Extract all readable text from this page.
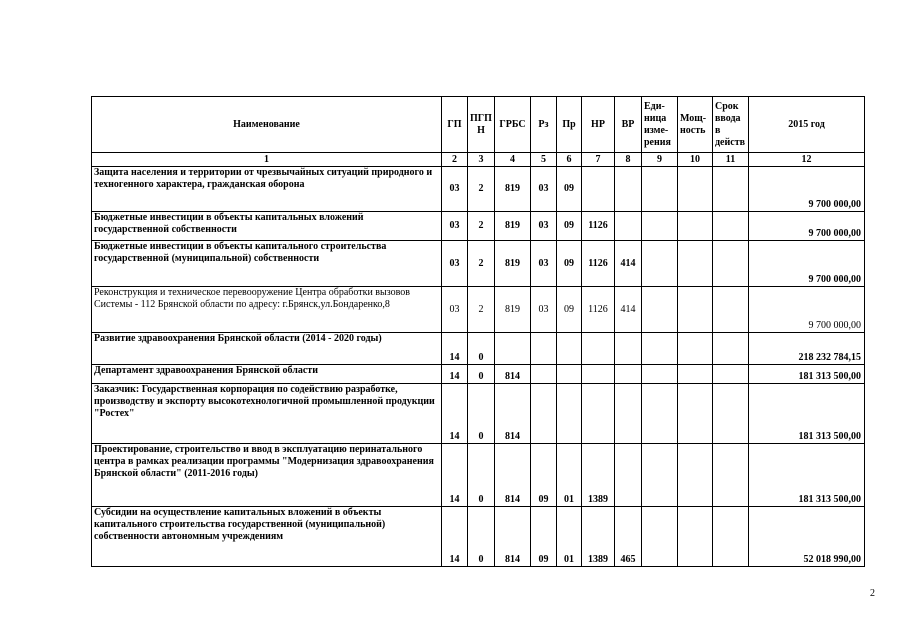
Наименование	ГП	ПГП Н	ГРБС	Рз	Пр	НР	ВР	Еди- ница изме- рения	Мощ- ность	Срок ввода в действ	2015 год
1	2	3	4	5	6	7	8	9	10	11	12
Защита населения и территории от чрезвычайных ситуаций природного и техногенного характера, гражданская оборона	03	2	819	03	09						9 700 000,00
Бюджетные инвестиции в объекты капитальных вложений государственной собственности	03	2	819	03	09	1126					9 700 000,00
Бюджетные инвестиции в объекты капитального строительства государственной (муниципальной) собственности	03	2	819	03	09	1126	414				9 700 000,00
Реконструкция и техническое перевооружение Центра обработки вызовов Системы - 112 Брянской области по адресу: г.Брянск,ул.Бондаренко,8	03	2	819	03	09	1126	414				9 700 000,00
Развитие здравоохранения Брянской области (2014 - 2020 годы)	14	0									218 232 784,15
Департамент здравоохранения Брянской области	14	0	814								181 313 500,00
Заказчик: Государственная корпорация по содействию разработке, производству и экспорту высокотехнологичной промышленной продукции "Ростех"	14	0	814								181 313 500,00
Проектирование, строительство и ввод в эксплуатацию перинатального центра в рамках реализации программы "Модернизация здравоохранения Брянской области" (2011-2016 годы)	14	0	814	09	01	1389					181 313 500,00
Субсидии на осуществление капитальных вложений в объекты капитального строительства государственной (муниципальной) собственности автономным учреждениям	14	0	814	09	01	1389	465				52 018 990,00
2
